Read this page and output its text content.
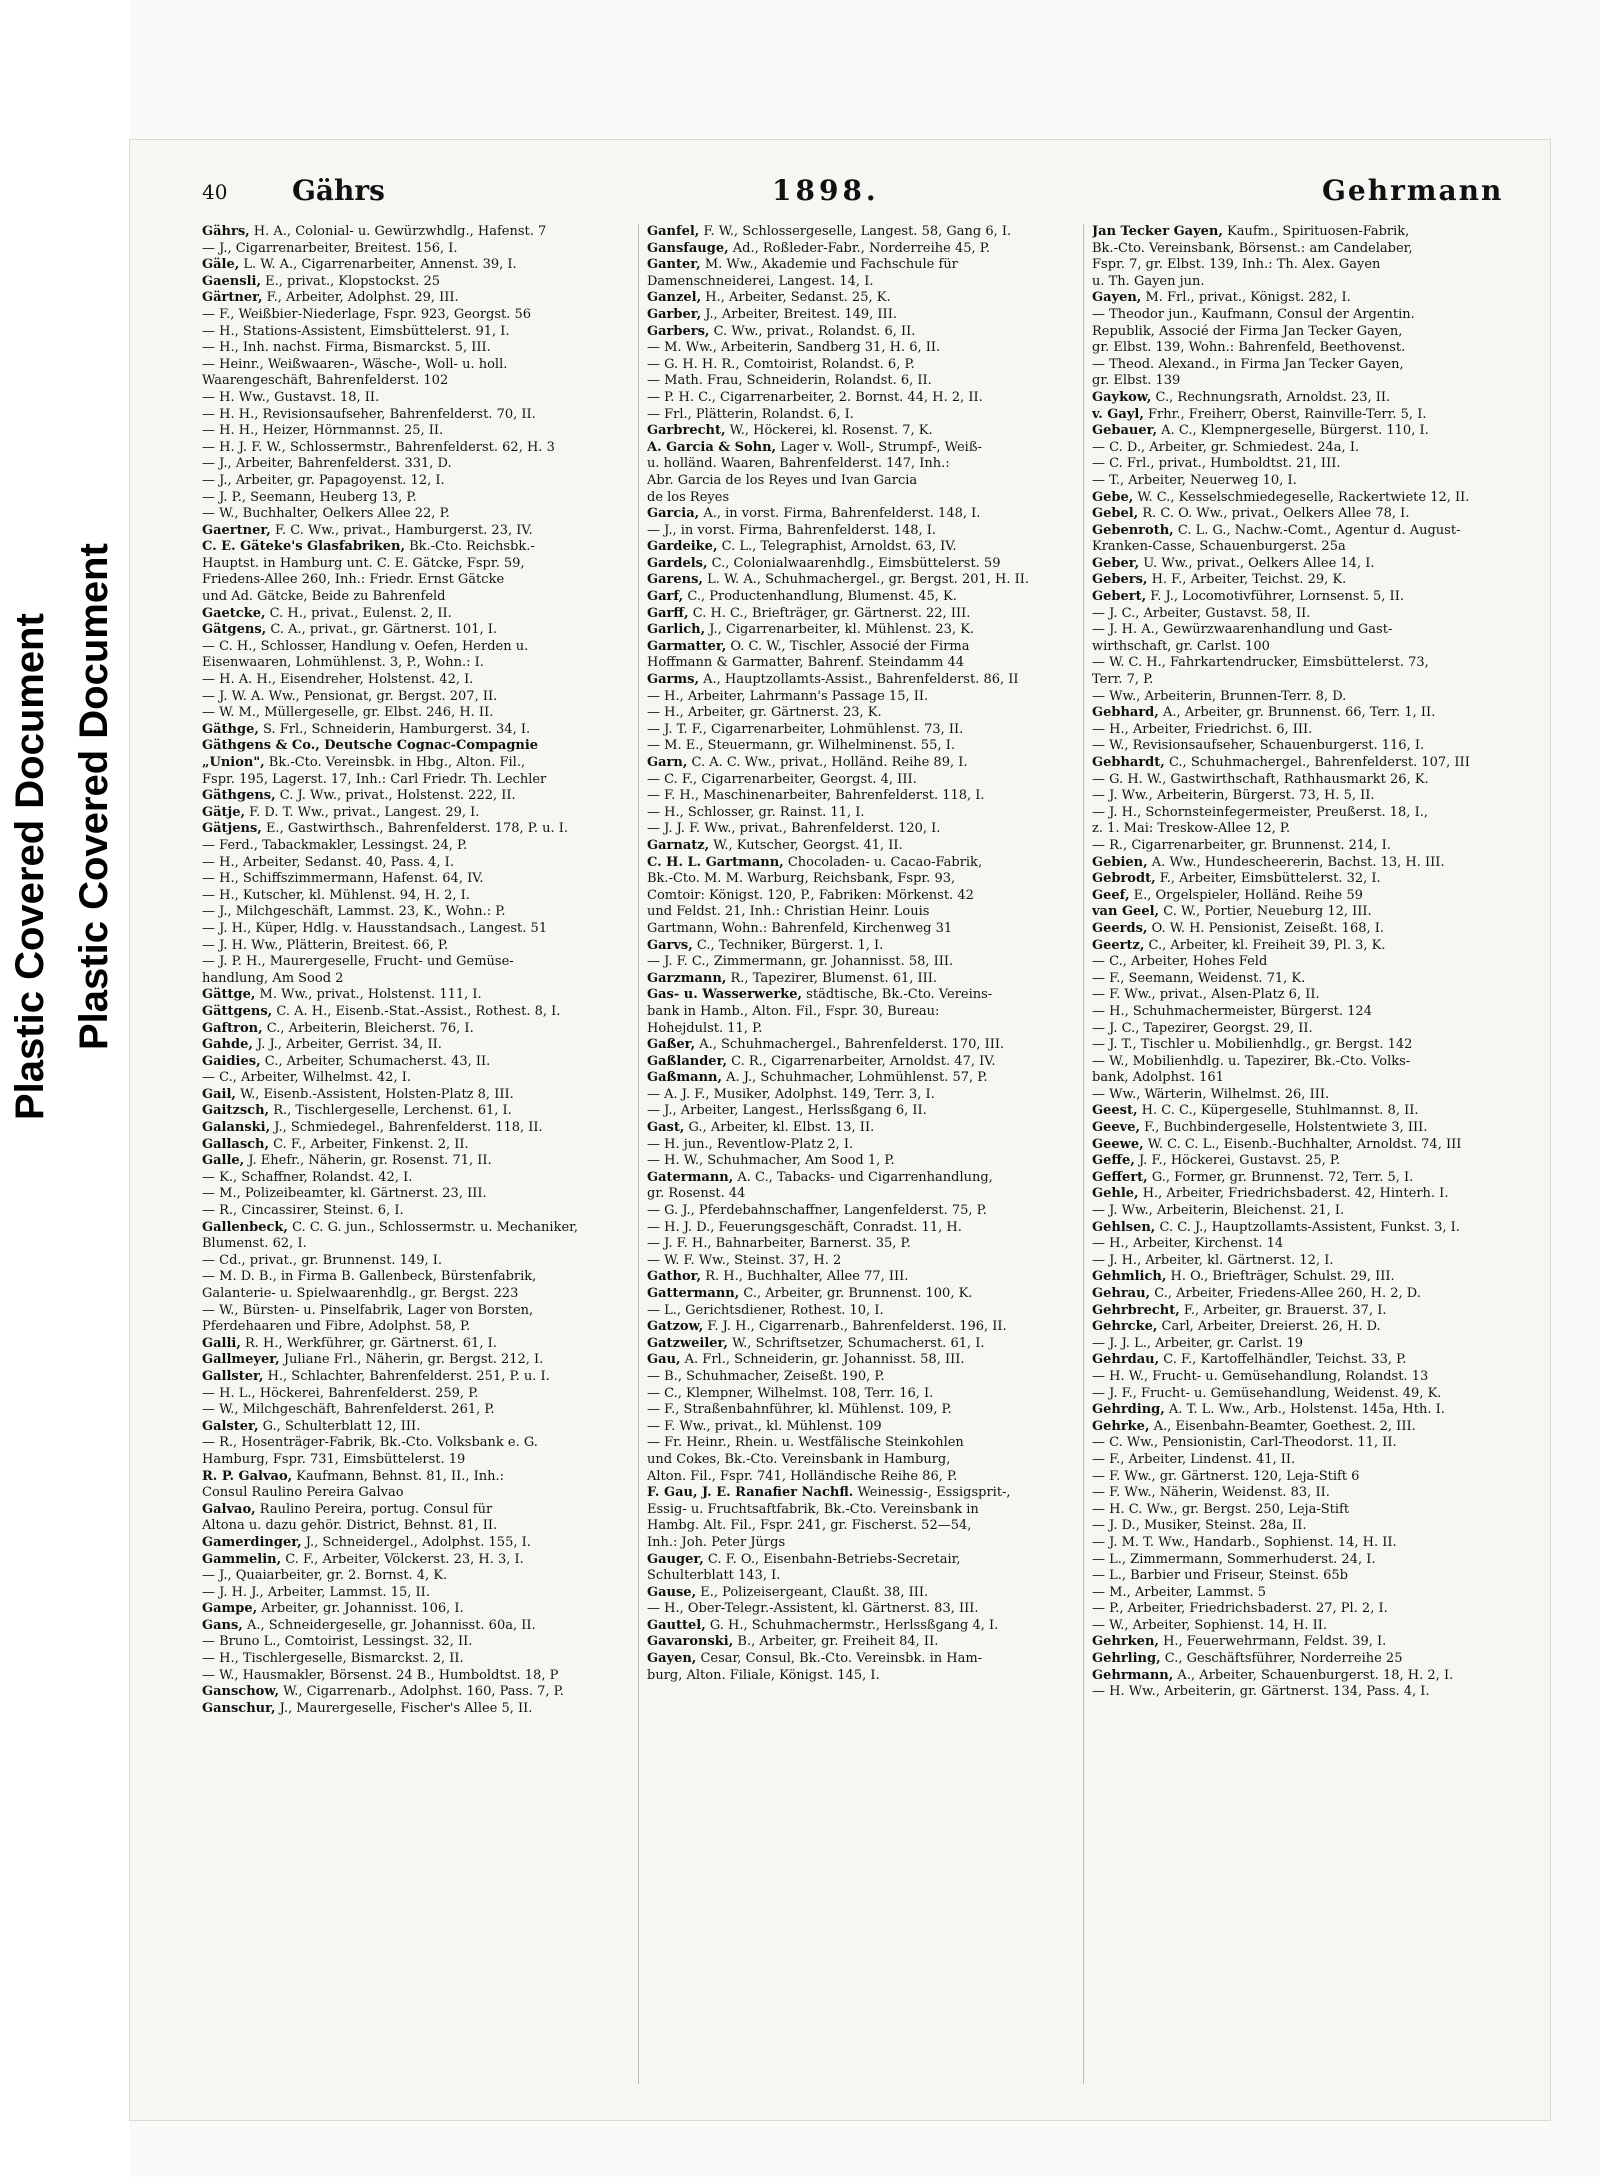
Plastic Covered Document
Plastic Covered Document
40 Gährs	1898.	Gehrmann

Gährs, H. A., Colonial- u. Gewürzwhdlg., Hafenst. 7

— J., Cigarrenarbeiter, Breitest. 156, I.

Gäle, L. W. A., Cigarrenarbeiter, Annenst. 39, I.

Gaensli, E., privat., Klopstockst. 25

Gärtner, F., Arbeiter, Adolphst. 29, III.

— F., Weißbier-Niederlage, Fspr. 923, Georgst. 56

— H., Stations-Assistent, Eimsbüttelerst. 91, I.

— H., Inh. nachst. Firma, Bismarckst. 5, III.

— Heinr., Weißwaaren-, Wäsche-, Woll- u. holl.

Waarengeschäft, Bahrenfelderst. 102

— H. Ww., Gustavst. 18, II.

— H. H., Revisionsaufseher, Bahrenfelderst. 70, II.

— H. H., Heizer, Hörnmannst. 25, II.

— H. J. F. W., Schlossermstr., Bahrenfelderst. 62, H. 3

— J., Arbeiter, Bahrenfelderst. 331, D.

— J., Arbeiter, gr. Papagoyenst. 12, I.

— J. P., Seemann, Heuberg 13, P.

— W., Buchhalter, Oelkers Allee 22, P.

Gaertner, F. C. Ww., privat., Hamburgerst. 23, IV.

C. E. Gäteke's Glasfabriken, Bk.-Cto. Reichsbk.-

Hauptst. in Hamburg unt. C. E. Gätcke, Fspr. 59,

Friedens-Allee 260, Inh.: Friedr. Ernst Gätcke

und Ad. Gätcke, Beide zu Bahrenfeld

Gaetcke, C. H., privat., Eulenst. 2, II.

Gätgens, C. A., privat., gr. Gärtnerst. 101, I.

— C. H., Schlosser, Handlung v. Oefen, Herden u.

Eisenwaaren, Lohmühlenst. 3, P., Wohn.: I.

— H. A. H., Eisendreher, Holstenst. 42, I.

— J. W. A. Ww., Pensionat, gr. Bergst. 207, II.

— W. M., Müllergeselle, gr. Elbst. 246, H. II.

Gäthge, S. Frl., Schneiderin, Hamburgerst. 34, I.

Gäthgens & Co., Deutsche Cognac-Compagnie

„Union", Bk.-Cto. Vereinsbk. in Hbg., Alton. Fil.,

Fspr. 195, Lagerst. 17, Inh.: Carl Friedr. Th. Lechler

Gäthgens, C. J. Ww., privat., Holstenst. 222, II.

Gätje, F. D. T. Ww., privat., Langest. 29, I.

Gätjens, E., Gastwirthsch., Bahrenfelderst. 178, P. u. I.

— Ferd., Tabackmakler, Lessingst. 24, P.

— H., Arbeiter, Sedanst. 40, Pass. 4, I.

— H., Schiffszimmermann, Hafenst. 64, IV.

— H., Kutscher, kl. Mühlenst. 94, H. 2, I.

— J., Milchgeschäft, Lammst. 23, K., Wohn.: P.

— J. H., Küper, Hdlg. v. Hausstandsach., Langest. 51

— J. H. Ww., Plätterin, Breitest. 66, P.

— J. P. H., Maurergeselle, Frucht- und Gemüse-

handlung, Am Sood 2

Gättge, M. Ww., privat., Holstenst. 111, I.

Gättgens, C. A. H., Eisenb.-Stat.-Assist., Rothest. 8, I.

Gaftron, C., Arbeiterin, Bleicherst. 76, I.

Gahde, J. J., Arbeiter, Gerrist. 34, II.

Gaidies, C., Arbeiter, Schumacherst. 43, II.

— C., Arbeiter, Wilhelmst. 42, I.

Gail, W., Eisenb.-Assistent, Holsten-Platz 8, III.

Gaitzsch, R., Tischlergeselle, Lerchenst. 61, I.

Galanski, J., Schmiedegel., Bahrenfelderst. 118, II.

Gallasch, C. F., Arbeiter, Finkenst. 2, II.

Galle, J. Ehefr., Näherin, gr. Rosenst. 71, II.

— K., Schaffner, Rolandst. 42, I.

— M., Polizeibeamter, kl. Gärtnerst. 23, III.

— R., Cincassirer, Steinst. 6, I.

Gallenbeck, C. C. G. jun., Schlossermstr. u. Mechaniker,

Blumenst. 62, I.

— Cd., privat., gr. Brunnenst. 149, I.

— M. D. B., in Firma B. Gallenbeck, Bürstenfabrik,

Galanterie- u. Spielwaarenhdlg., gr. Bergst. 223

— W., Bürsten- u. Pinselfabrik, Lager von Borsten,

Pferdehaaren und Fibre, Adolphst. 58, P.

Galli, R. H., Werkführer, gr. Gärtnerst. 61, I.

Gallmeyer, Juliane Frl., Näherin, gr. Bergst. 212, I.

Gallster, H., Schlachter, Bahrenfelderst. 251, P. u. I.

— H. L., Höckerei, Bahrenfelderst. 259, P.

— W., Milchgeschäft, Bahrenfelderst. 261, P.

Galster, G., Schulterblatt 12, III.

— R., Hosenträger-Fabrik, Bk.-Cto. Volksbank e. G.

Hamburg, Fspr. 731, Eimsbüttelerst. 19

R. P. Galvao, Kaufmann, Behnst. 81, II., Inh.:

Consul Raulino Pereira Galvao

Galvao, Raulino Pereira, portug. Consul für

Altona u. dazu gehör. District, Behnst. 81, II.

Gamerdinger, J., Schneidergel., Adolphst. 155, I.

Gammelin, C. F., Arbeiter, Völckerst. 23, H. 3, I.

— J., Quaiarbeiter, gr. 2. Bornst. 4, K.

— J. H. J., Arbeiter, Lammst. 15, II.

Gampe, Arbeiter, gr. Johannisst. 106, I.

Gans, A., Schneidergeselle, gr. Johannisst. 60a, II.

— Bruno L., Comtoirist, Lessingst. 32, II.

— H., Tischlergeselle, Bismarckst. 2, II.

— W., Hausmakler, Börsenst. 24 B., Humboldtst. 18, P

Ganschow, W., Cigarrenarb., Adolphst. 160, Pass. 7, P.

Ganschur, J., Maurergeselle, Fischer's Allee 5, II.

Ganfel, F. W., Schlossergeselle, Langest. 58, Gang 6, I.

Gansfauge, Ad., Roßleder-Fabr., Norderreihe 45, P.

Ganter, M. Ww., Akademie und Fachschule für

Damenschneiderei, Langest. 14, I.

Ganzel, H., Arbeiter, Sedanst. 25, K.

Garber, J., Arbeiter, Breitest. 149, III.

Garbers, C. Ww., privat., Rolandst. 6, II.

— M. Ww., Arbeiterin, Sandberg 31, H. 6, II.

— G. H. H. R., Comtoirist, Rolandst. 6, P.

— Math. Frau, Schneiderin, Rolandst. 6, II.

— P. H. C., Cigarrenarbeiter, 2. Bornst. 44, H. 2, II.

— Frl., Plätterin, Rolandst. 6, I.

Garbrecht, W., Höckerei, kl. Rosenst. 7, K.

A. Garcia & Sohn, Lager v. Woll-, Strumpf-, Weiß-

u. holländ. Waaren, Bahrenfelderst. 147, Inh.:

Abr. Garcia de los Reyes und Ivan Garcia

de los Reyes

Garcia, A., in vorst. Firma, Bahrenfelderst. 148, I.

— J., in vorst. Firma, Bahrenfelderst. 148, I.

Gardeike, C. L., Telegraphist, Arnoldst. 63, IV.

Gardels, C., Colonialwaarenhdlg., Eimsbüttelerst. 59

Garens, L. W. A., Schuhmachergel., gr. Bergst. 201, H. II.

Garf, C., Productenhandlung, Blumenst. 45, K.

Garff, C. H. C., Briefträger, gr. Gärtnerst. 22, III.

Garlich, J., Cigarrenarbeiter, kl. Mühlenst. 23, K.

Garmatter, O. C. W., Tischler, Associé der Firma

Hoffmann & Garmatter, Bahrenf. Steindamm 44

Garms, A., Hauptzollamts-Assist., Bahrenfelderst. 86, II

— H., Arbeiter, Lahrmann's Passage 15, II.

— H., Arbeiter, gr. Gärtnerst. 23, K.

— J. T. F., Cigarrenarbeiter, Lohmühlenst. 73, II.

— M. E., Steuermann, gr. Wilhelminenst. 55, I.

Garn, C. A. C. Ww., privat., Holländ. Reihe 89, I.

— C. F., Cigarrenarbeiter, Georgst. 4, III.

— F. H., Maschinenarbeiter, Bahrenfelderst. 118, I.

— H., Schlosser, gr. Rainst. 11, I.

— J. J. F. Ww., privat., Bahrenfelderst. 120, I.

Garnatz, W., Kutscher, Georgst. 41, II.

C. H. L. Gartmann, Chocoladen- u. Cacao-Fabrik,

Bk.-Cto. M. M. Warburg, Reichsbank, Fspr. 93,

Comtoir: Königst. 120, P., Fabriken: Mörkenst. 42

und Feldst. 21, Inh.: Christian Heinr. Louis

Gartmann, Wohn.: Bahrenfeld, Kirchenweg 31

Garvs, C., Techniker, Bürgerst. 1, I.

— J. F. C., Zimmermann, gr. Johannisst. 58, III.

Garzmann, R., Tapezirer, Blumenst. 61, III.

Gas- u. Wasserwerke, städtische, Bk.-Cto. Vereins-

bank in Hamb., Alton. Fil., Fspr. 30, Bureau:

Hohejdulst. 11, P.

Gaßer, A., Schuhmachergel., Bahrenfelderst. 170, III.

Gaßlander, C. R., Cigarrenarbeiter, Arnoldst. 47, IV.

Gaßmann, A. J., Schuhmacher, Lohmühlenst. 57, P.

— A. J. F., Musiker, Adolphst. 149, Terr. 3, I.

— J., Arbeiter, Langest., Herlssßgang 6, II.

Gast, G., Arbeiter, kl. Elbst. 13, II.

— H. jun., Reventlow-Platz 2, I.

— H. W., Schuhmacher, Am Sood 1, P.

Gatermann, A. C., Tabacks- und Cigarrenhandlung,

gr. Rosenst. 44

— G. J., Pferdebahnschaffner, Langenfelderst. 75, P.

— H. J. D., Feuerungsgeschäft, Conradst. 11, H.

— J. F. H., Bahnarbeiter, Barnerst. 35, P.

— W. F. Ww., Steinst. 37, H. 2

Gathor, R. H., Buchhalter, Allee 77, III.

Gattermann, C., Arbeiter, gr. Brunnenst. 100, K.

— L., Gerichtsdiener, Rothest. 10, I.

Gatzow, F. J. H., Cigarrenarb., Bahrenfelderst. 196, II.

Gatzweiler, W., Schriftsetzer, Schumacherst. 61, I.

Gau, A. Frl., Schneiderin, gr. Johannisst. 58, III.

— B., Schuhmacher, Zeiseßt. 190, P.

— C., Klempner, Wilhelmst. 108, Terr. 16, I.

— F., Straßenbahnführer, kl. Mühlenst. 109, P.

— F. Ww., privat., kl. Mühlenst. 109

— Fr. Heinr., Rhein. u. Westfälische Steinkohlen

und Cokes, Bk.-Cto. Vereinsbank in Hamburg,

Alton. Fil., Fspr. 741, Holländische Reihe 86, P.

F. Gau, J. E. Ranafier Nachfl. Weinessig-, Essigsprit-,

Essig- u. Fruchtsaftfabrik, Bk.-Cto. Vereinsbank in

Hambg. Alt. Fil., Fspr. 241, gr. Fischerst. 52—54,

Inh.: Joh. Peter Jürgs

Gauger, C. F. O., Eisenbahn-Betriebs-Secretair,

Schulterblatt 143, I.

Gause, E., Polizeisergeant, Claußt. 38, III.

— H., Ober-Telegr.-Assistent, kl. Gärtnerst. 83, III.

Gauttel, G. H., Schuhmachermstr., Herlssßgang 4, I.

Gavaronski, B., Arbeiter, gr. Freiheit 84, II.

Gayen, Cesar, Consul, Bk.-Cto. Vereinsbk. in Ham-

burg, Alton. Filiale, Königst. 145, I.

Jan Tecker Gayen, Kaufm., Spirituosen-Fabrik,

Bk.-Cto. Vereinsbank, Börsenst.: am Candelaber,

Fspr. 7, gr. Elbst. 139, Inh.: Th. Alex. Gayen

u. Th. Gayen jun.

Gayen, M. Frl., privat., Königst. 282, I.

— Theodor jun., Kaufmann, Consul der Argentin.

Republik, Associé der Firma Jan Tecker Gayen,

gr. Elbst. 139, Wohn.: Bahrenfeld, Beethovenst.

— Theod. Alexand., in Firma Jan Tecker Gayen,

gr. Elbst. 139

Gaykow, C., Rechnungsrath, Arnoldst. 23, II.

v. Gayl, Frhr., Freiherr, Oberst, Rainville-Terr. 5, I.

Gebauer, A. C., Klempnergeselle, Bürgerst. 110, I.

— C. D., Arbeiter, gr. Schmiedest. 24a, I.

— C. Frl., privat., Humboldtst. 21, III.

— T., Arbeiter, Neuerweg 10, I.

Gebe, W. C., Kesselschmiedegeselle, Rackertwiete 12, II.

Gebel, R. C. O. Ww., privat., Oelkers Allee 78, I.

Gebenroth, C. L. G., Nachw.-Comt., Agentur d. August-

Kranken-Casse, Schauenburgerst. 25a

Geber, U. Ww., privat., Oelkers Allee 14, I.

Gebers, H. F., Arbeiter, Teichst. 29, K.

Gebert, F. J., Locomotivführer, Lornsenst. 5, II.

— J. C., Arbeiter, Gustavst. 58, II.

— J. H. A., Gewürzwaarenhandlung und Gast-

wirthschaft, gr. Carlst. 100

— W. C. H., Fahrkartendrucker, Eimsbüttelerst. 73,

Terr. 7, P.

— Ww., Arbeiterin, Brunnen-Terr. 8, D.

Gebhard, A., Arbeiter, gr. Brunnenst. 66, Terr. 1, II.

— H., Arbeiter, Friedrichst. 6, III.

— W., Revisionsaufseher, Schauenburgerst. 116, I.

Gebhardt, C., Schuhmachergel., Bahrenfelderst. 107, III

— G. H. W., Gastwirthschaft, Rathhausmarkt 26, K.

— J. Ww., Arbeiterin, Bürgerst. 73, H. 5, II.

— J. H., Schornsteinfegermeister, Preußerst. 18, I.,

z. 1. Mai: Treskow-Allee 12, P.

— R., Cigarrenarbeiter, gr. Brunnenst. 214, I.

Gebien, A. Ww., Hundescheererin, Bachst. 13, H. III.

Gebrodt, F., Arbeiter, Eimsbüttelerst. 32, I.

Geef, E., Orgelspieler, Holländ. Reihe 59

van Geel, C. W., Portier, Neueburg 12, III.

Geerds, O. W. H. Pensionist, Zeiseßt. 168, I.

Geertz, C., Arbeiter, kl. Freiheit 39, Pl. 3, K.

— C., Arbeiter, Hohes Feld

— F., Seemann, Weidenst. 71, K.

— F. Ww., privat., Alsen-Platz 6, II.

— H., Schuhmachermeister, Bürgerst. 124

— J. C., Tapezirer, Georgst. 29, II.

— J. T., Tischler u. Mobilienhdlg., gr. Bergst. 142

— W., Mobilienhdlg. u. Tapezirer, Bk.-Cto. Volks-

bank, Adolphst. 161

— Ww., Wärterin, Wilhelmst. 26, III.

Geest, H. C. C., Küpergeselle, Stuhlmannst. 8, II.

Geeve, F., Buchbindergeselle, Holstentwiete 3, III.

Geewe, W. C. C. L., Eisenb.-Buchhalter, Arnoldst. 74, III

Geffe, J. F., Höckerei, Gustavst. 25, P.

Geffert, G., Former, gr. Brunnenst. 72, Terr. 5, I.

Gehle, H., Arbeiter, Friedrichsbaderst. 42, Hinterh. I.

— J. Ww., Arbeiterin, Bleichenst. 21, I.

Gehlsen, C. C. J., Hauptzollamts-Assistent, Funkst. 3, I.

— H., Arbeiter, Kirchenst. 14

— J. H., Arbeiter, kl. Gärtnerst. 12, I.

Gehmlich, H. O., Briefträger, Schulst. 29, III.

Gehrau, C., Arbeiter, Friedens-Allee 260, H. 2, D.

Gehrbrecht, F., Arbeiter, gr. Brauerst. 37, I.

Gehrcke, Carl, Arbeiter, Dreierst. 26, H. D.

— J. J. L., Arbeiter, gr. Carlst. 19

Gehrdau, C. F., Kartoffelhändler, Teichst. 33, P.

— H. W., Frucht- u. Gemüsehandlung, Rolandst. 13

— J. F., Frucht- u. Gemüsehandlung, Weidenst. 49, K.

Gehrding, A. T. L. Ww., Arb., Holstenst. 145a, Hth. I.

Gehrke, A., Eisenbahn-Beamter, Goethest. 2, III.

— C. Ww., Pensionistin, Carl-Theodorst. 11, II.

— F., Arbeiter, Lindenst. 41, II.

— F. Ww., gr. Gärtnerst. 120, Leja-Stift 6

— F. Ww., Näherin, Weidenst. 83, II.

— H. C. Ww., gr. Bergst. 250, Leja-Stift

— J. D., Musiker, Steinst. 28a, II.

— J. M. T. Ww., Handarb., Sophienst. 14, H. II.

— L., Zimmermann, Sommerhuderst. 24, I.

— L., Barbier und Friseur, Steinst. 65b

— M., Arbeiter, Lammst. 5

— P., Arbeiter, Friedrichsbaderst. 27, Pl. 2, I.

— W., Arbeiter, Sophienst. 14, H. II.

Gehrken, H., Feuerwehrmann, Feldst. 39, I.

Gehrling, C., Geschäftsführer, Norderreihe 25

Gehrmann, A., Arbeiter, Schauenburgerst. 18, H. 2, I.

— H. Ww., Arbeiterin, gr. Gärtnerst. 134, Pass. 4, I.
